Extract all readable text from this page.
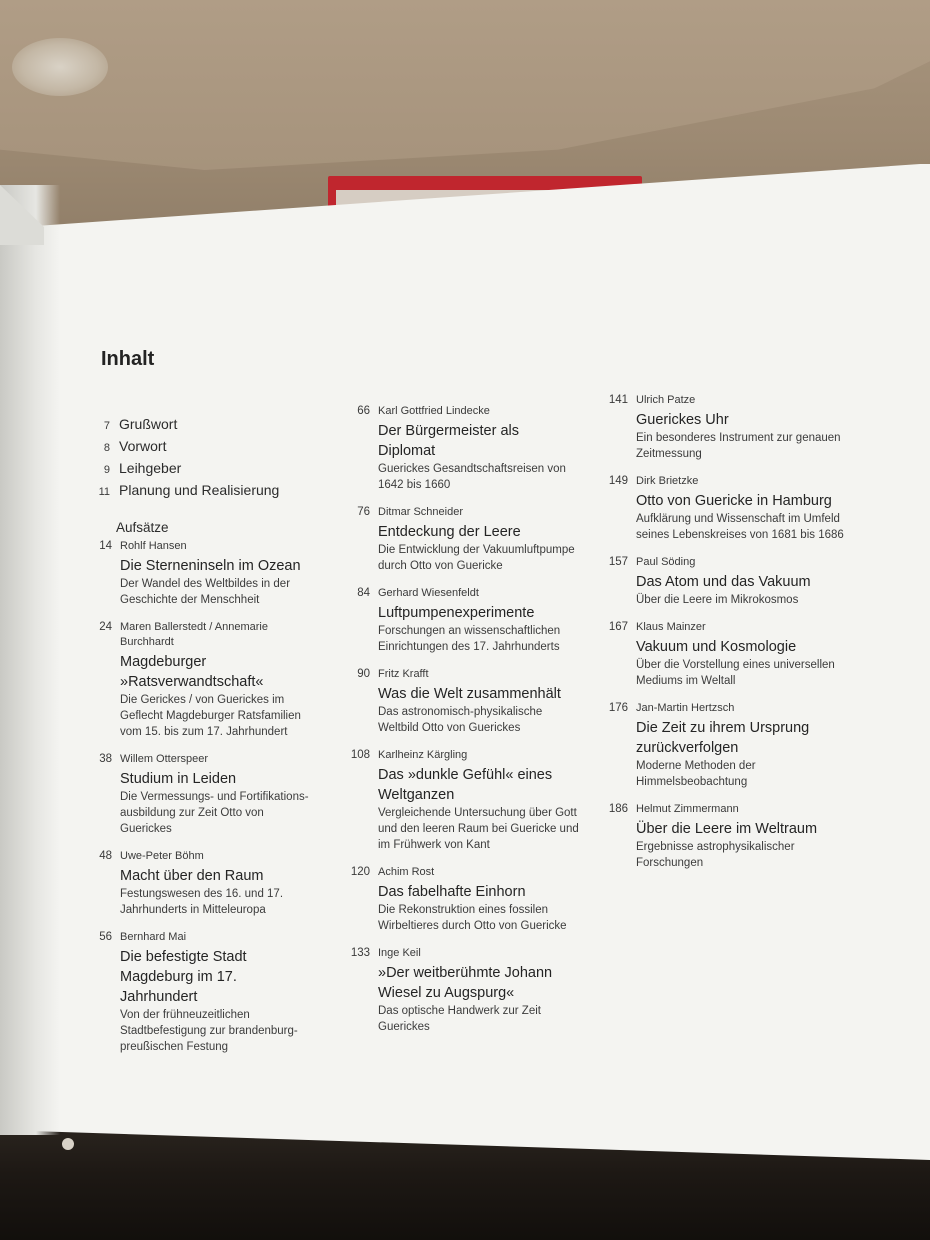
Inhalt
7 Grußwort
8 Vorwort
9 Leihgeber
11 Planung und Realisierung
Aufsätze
14 Rohlf Hansen
Die Sterneninseln im Ozean
Der Wandel des Weltbildes in der Geschichte der Menschheit
24 Maren Ballerstedt / Annemarie Burchhardt
Magdeburger »Ratsverwandtschaft«
Die Gerickes / von Guerickes im Geflecht Magdeburger Ratsfamilien vom 15. bis zum 17. Jahrhundert
38 Willem Otterspeer
Studium in Leiden
Die Vermessungs- und Fortifikations-ausbildung zur Zeit Otto von Guerickes
48 Uwe-Peter Böhm
Macht über den Raum
Festungswesen des 16. und 17. Jahrhunderts in Mitteleuropa
56 Bernhard Mai
Die befestigte Stadt Magdeburg im 17. Jahrhundert
Von der frühneuzeitlichen Stadtbefestigung zur brandenburg-preußischen Festung
66 Karl Gottfried Lindecke
Der Bürgermeister als Diplomat
Guerickes Gesandtschaftsreisen von 1642 bis 1660
76 Ditmar Schneider
Entdeckung der Leere
Die Entwicklung der Vakuumluftpumpe durch Otto von Guericke
84 Gerhard Wiesenfeldt
Luftpumpenexperimente
Forschungen an wissenschaftlichen Einrichtungen des 17. Jahrhunderts
90 Fritz Krafft
Was die Welt zusammenhält
Das astronomisch-physikalische Weltbild Otto von Guerickes
108 Karlheinz Kärgling
Das »dunkle Gefühl« eines Weltganzen
Vergleichende Untersuchung über Gott und den leeren Raum bei Guericke und im Frühwerk von Kant
120 Achim Rost
Das fabelhafte Einhorn
Die Rekonstruktion eines fossilen Wirbeltieres durch Otto von Guericke
133 Inge Keil
»Der weitberühmte Johann Wiesel zu Augspurg«
Das optische Handwerk zur Zeit Guerickes
141 Ulrich Patze
Guerickes Uhr
Ein besonderes Instrument zur genauen Zeitmessung
149 Dirk Brietzke
Otto von Guericke in Hamburg
Aufklärung und Wissenschaft im Umfeld seines Lebenskreises von 1681 bis 1686
157 Paul Söding
Das Atom und das Vakuum
Über die Leere im Mikrokosmos
167 Klaus Mainzer
Vakuum und Kosmologie
Über die Vorstellung eines universellen Mediums im Weltall
176 Jan-Martin Hertzsch
Die Zeit zu ihrem Ursprung zurückverfolgen
Moderne Methoden der Himmelsbeobachtung
186 Helmut Zimmermann
Über die Leere im Weltraum
Ergebnisse astrophysikalischer Forschungen
